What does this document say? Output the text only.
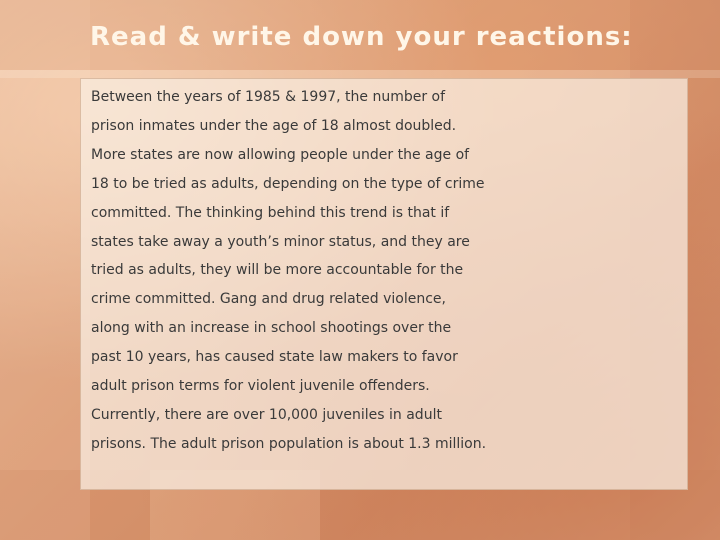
Read & write down your reactions:

Between the years of 1985 & 1997, the number of
prison inmates under the age of 18 almost doubled.
More states are now allowing people under the age of
18 to be tried as adults, depending on the type of crime
committed. The thinking behind this trend is that if
states take away a youth’s minor status, and they are
tried as adults, they will be more accountable for the
crime committed. Gang and drug related violence,
along with an increase in school shootings over the
past 10 years, has caused state law makers to favor
adult prison terms for violent juvenile offenders.
Currently, there are over 10,000 juveniles in adult
prisons. The adult prison population is about 1.3 million.
